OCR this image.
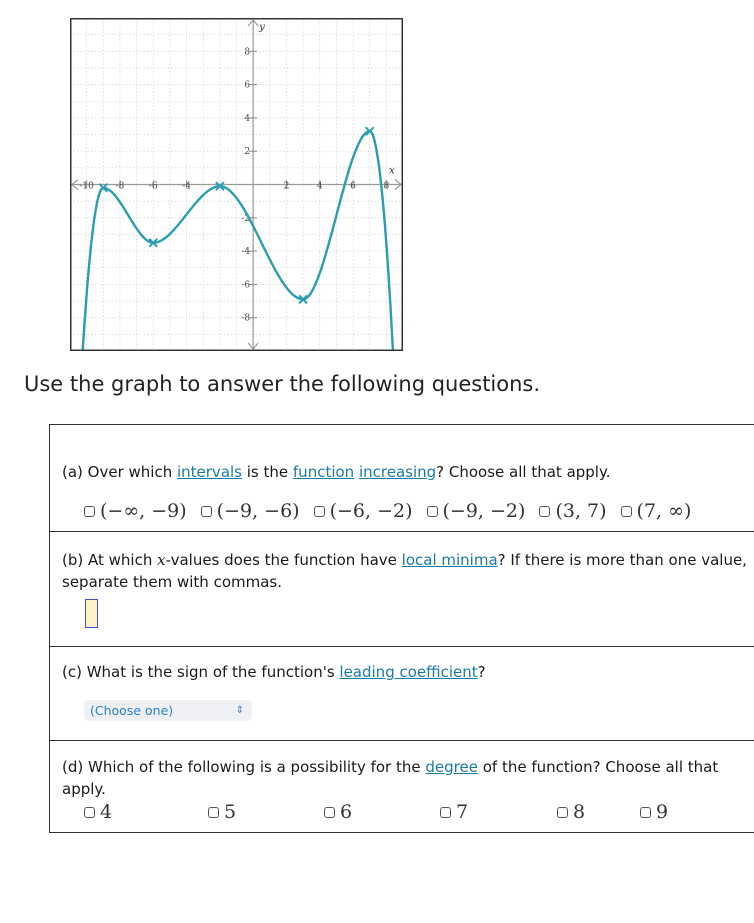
y
x
-10 -8	-6	-4	2	4	6	8
8
6
4
2
-2
-4
-6
-8
Use the graph to answer the following questions.

(a) Over which intervals is the function increasing? Choose all that apply.

(−∞, −9) (−9, −6) (−6, −2) (−9, −2) (3, 7) (7, ∞)

(b) At which x-values does the function have local minima? If there is more than one value, separate them with commas.

(c) What is the sign of the function's leading coefficient?

(Choose one)	⇕

(d) Which of the following is a possibility for the degree of the function? Choose all that apply.

4	5	6	7	8	9
